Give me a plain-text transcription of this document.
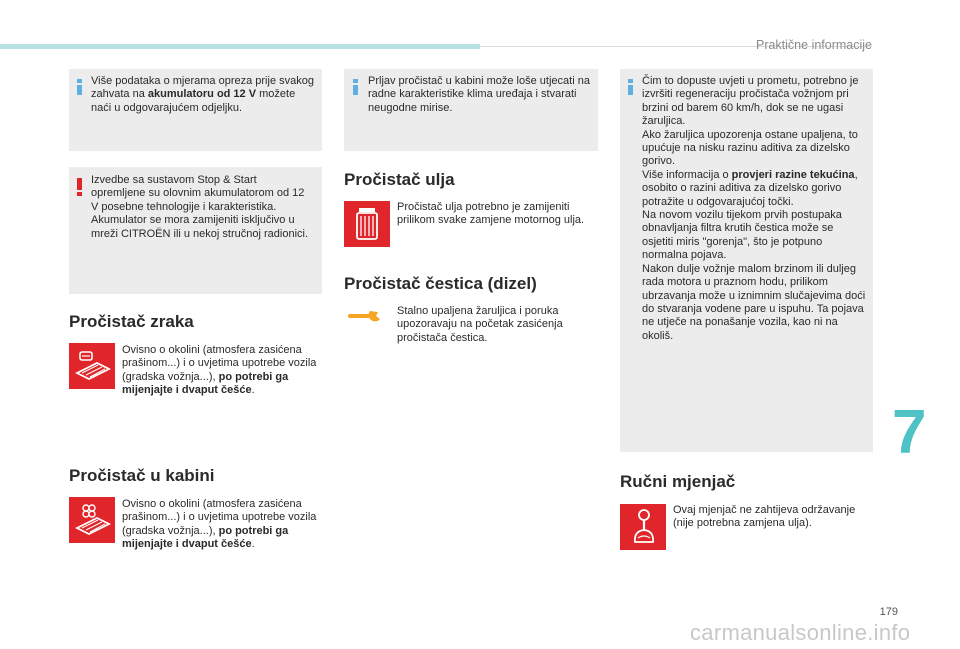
Praktične informacije

Više podataka o mjerama opreza prije svakog zahvata na akumulatoru od 12 V možete naći u odgovarajućem odjeljku.

Izvedbe sa sustavom Stop & Start opremljene su olovnim akumulatorom od 12 V posebne tehnologije i karakteristika. Akumulator se mora zamijeniti isključivo u mreži CITROËN ili u nekoj stručnoj radionici.

Pročistač zraka

Ovisno o okolini (atmosfera zasićena prašinom...) i o uvjetima upotrebe vozila (gradska vožnja...), po potrebi ga mijenjajte i dvaput češće.

Pročistač u kabini

Ovisno o okolini (atmosfera zasićena prašinom...) i o uvjetima upotrebe vozila (gradska vožnja...), po potrebi ga mijenjajte i dvaput češće.

Prljav pročistač u kabini može loše utjecati na radne karakteristike klima uređaja i stvarati neugodne mirise.

Pročistač ulja

Pročistač ulja potrebno je zamijeniti prilikom svake zamjene motornog ulja.

Pročistač čestica (dizel)

Stalno upaljena žaruljica i poruka upozoravaju na početak zasićenja pročistača čestica.

Čim to dopuste uvjeti u prometu, potrebno je izvršiti regeneraciju pročistača vožnjom pri brzini od barem 60 km/h, dok se ne ugasi žaruljica.

Ako žaruljica upozorenja ostane upaljena, to upućuje na nisku razinu aditiva za dizelsko gorivo.

Više informacija o provjeri razine tekućina, osobito o razini aditiva za dizelsko gorivo potražite u odgovarajućoj točki.

Na novom vozilu tijekom prvih postupaka obnavljanja filtra krutih čestica može se osjetiti miris "gorenja", što je potpuno normalna pojava.

Nakon dulje vožnje malom brzinom ili duljeg rada motora u praznom hodu, prilikom ubrzavanja može u iznimnim slučajevima doći do stvaranja vodene pare u ispuhu. Ta pojava ne utječe na ponašanje vozila, kao ni na okoliš.

Ručni mjenjač

Ovaj mjenjač ne zahtijeva održavanje (nije potrebna zamjena ulja).

7
179
carmanualsonline.info
